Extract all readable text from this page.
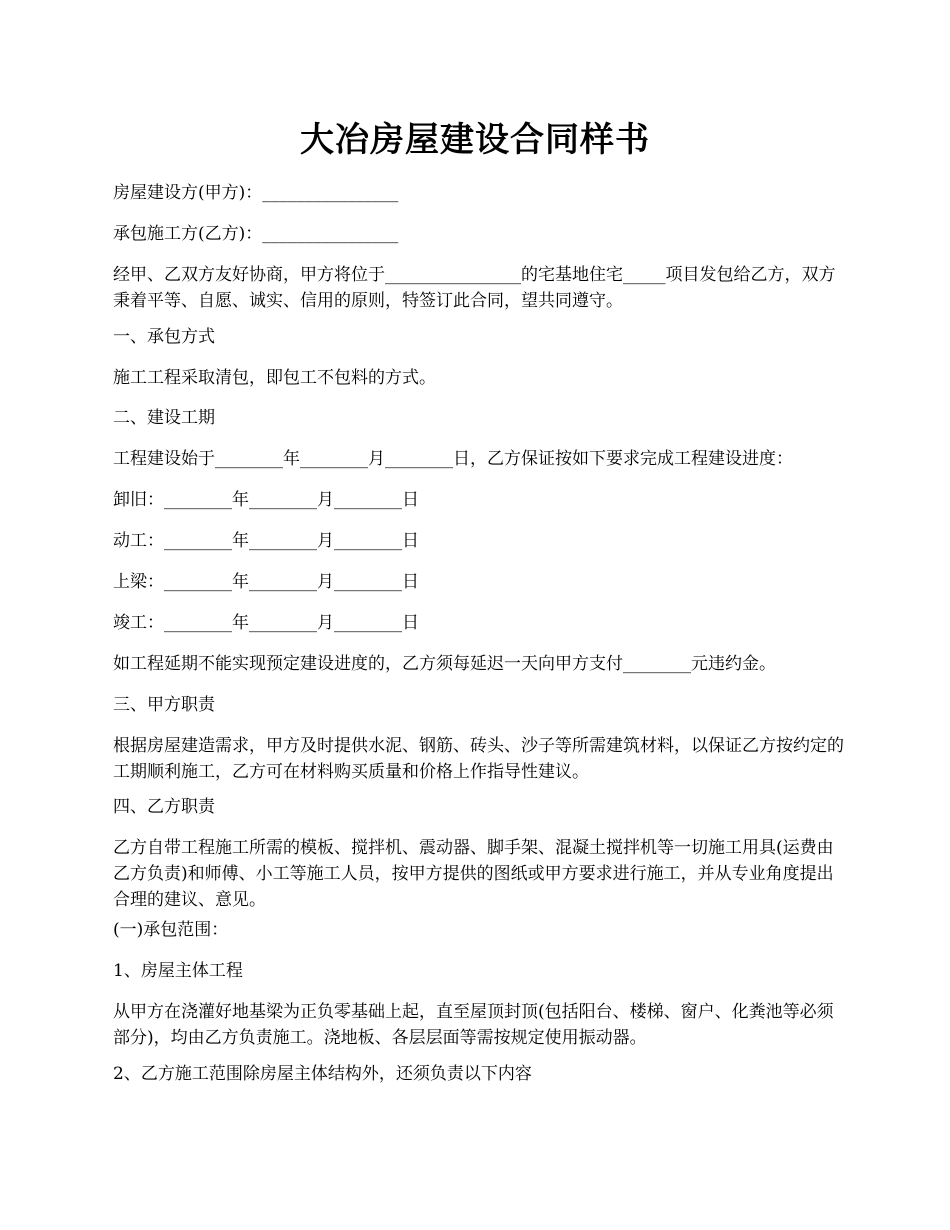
大冶房屋建设合同样书

房屋建设方(甲方)：________________

承包施工方(乙方)：________________

经甲、乙双方友好协商，甲方将位于________________的宅基地住宅_____项目发包给乙方，双方秉着平等、自愿、诚实、信用的原则，特签订此合同，望共同遵守。

一、承包方式

施工工程采取清包，即包工不包料的方式。

二、建设工期

工程建设始于________年________月________日，乙方保证按如下要求完成工程建设进度：

卸旧：________年________月________日

动工：________年________月________日

上梁：________年________月________日

竣工：________年________月________日

如工程延期不能实现预定建设进度的，乙方须每延迟一天向甲方支付________元违约金。

三、甲方职责

根据房屋建造需求，甲方及时提供水泥、钢筋、砖头、沙子等所需建筑材料，以保证乙方按约定的工期顺利施工，乙方可在材料购买质量和价格上作指导性建议。

四、乙方职责

乙方自带工程施工所需的模板、搅拌机、震动器、脚手架、混凝土搅拌机等一切施工用具(运费由乙方负责)和师傅、小工等施工人员，按甲方提供的图纸或甲方要求进行施工，并从专业角度提出合理的建议、意见。

(一)承包范围：

1、房屋主体工程

从甲方在浇灌好地基梁为正负零基础上起，直至屋顶封顶(包括阳台、楼梯、窗户、化粪池等必须部分)，均由乙方负责施工。浇地板、各层层面等需按规定使用振动器。

2、乙方施工范围除房屋主体结构外，还须负责以下内容
